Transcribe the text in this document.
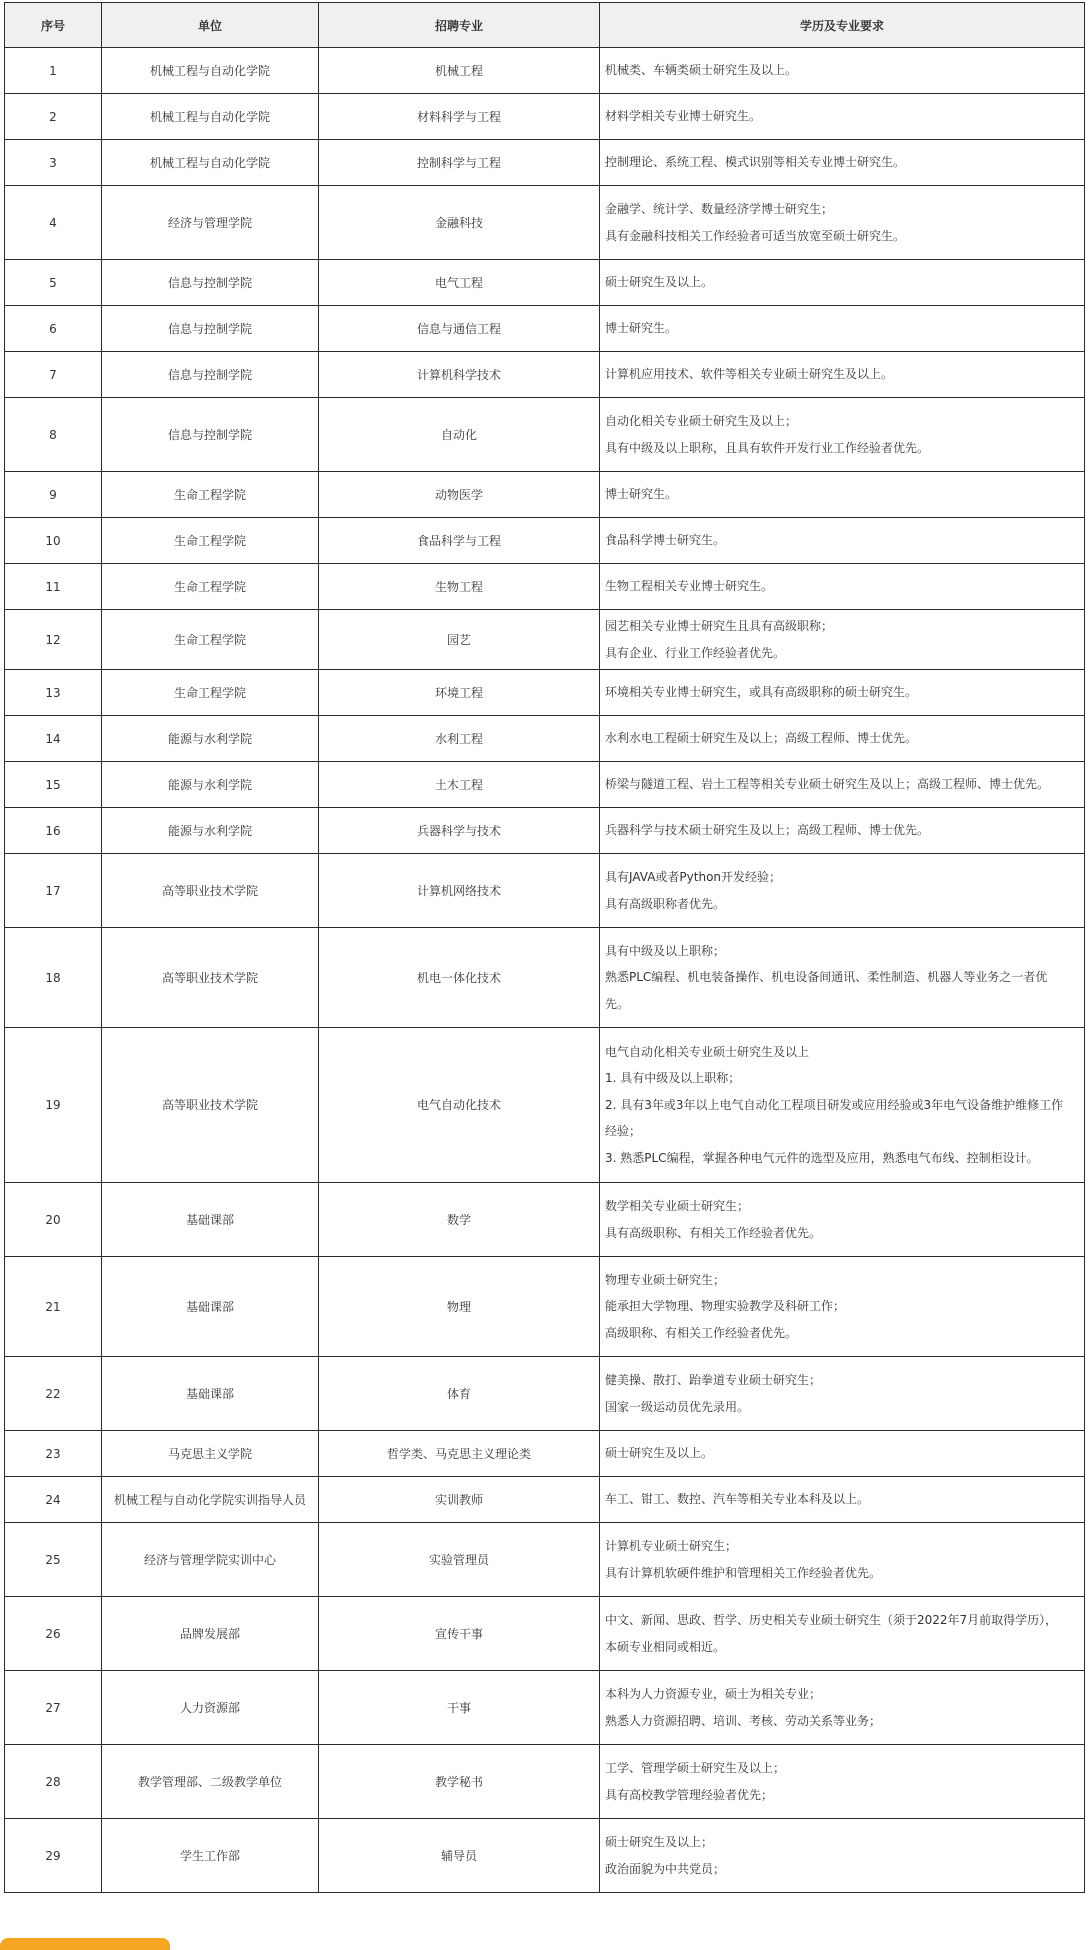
序号	单位	招聘专业	学历及专业要求
1	机械工程与自动化学院	机械工程	机械类、车辆类硕士研究生及以上。

2	机械工程与自动化学院	材料科学与工程	材料学相关专业博士研究生。

3	机械工程与自动化学院	控制科学与工程	控制理论、系统工程、模式识别等相关专业博士研究生。

4	经济与管理学院	金融科技	金融学、统计学、数量经济学博士研究生；
具有金融科技相关工作经验者可适当放宽至硕士研究生。

5	信息与控制学院	电气工程	硕士研究生及以上。

6	信息与控制学院	信息与通信工程	博士研究生。

7	信息与控制学院	计算机科学技术	计算机应用技术、软件等相关专业硕士研究生及以上。

8	信息与控制学院	自动化	自动化相关专业硕士研究生及以上；
具有中级及以上职称，且具有软件开发行业工作经验者优先。

9	生命工程学院	动物医学	博士研究生。

10	生命工程学院	食品科学与工程	食品科学博士研究生。

11	生命工程学院	生物工程	生物工程相关专业博士研究生。

12	生命工程学院	园艺	园艺相关专业博士研究生且具有高级职称；
具有企业、行业工作经验者优先。

13	生命工程学院	环境工程	环境相关专业博士研究生，或具有高级职称的硕士研究生。

14	能源与水利学院	水利工程	水利水电工程硕士研究生及以上；高级工程师、博士优先。

15	能源与水利学院	土木工程	桥梁与隧道工程、岩土工程等相关专业硕士研究生及以上；高级工程师、博士优先。

16	能源与水利学院	兵器科学与技术	兵器科学与技术硕士研究生及以上；高级工程师、博士优先。

17	高等职业技术学院	计算机网络技术	具有JAVA或者Python开发经验；
具有高级职称者优先。

18	高等职业技术学院	机电一体化技术	具有中级及以上职称；
熟悉PLC编程、机电装备操作、机电设备间通讯、柔性制造、机器人等业务之一者优
先。

19	高等职业技术学院	电气自动化技术	电气自动化相关专业硕士研究生及以上
1. 具有中级及以上职称；
2. 具有3年或3年以上电气自动化工程项目研发或应用经验或3年电气设备维护维修工作
经验；
3. 熟悉PLC编程，掌握各种电气元件的选型及应用，熟悉电气布线、控制柜设计。

20	基础课部	数学	数学相关专业硕士研究生；
具有高级职称、有相关工作经验者优先。

21	基础课部	物理	物理专业硕士研究生；
能承担大学物理、物理实验教学及科研工作；
高级职称、有相关工作经验者优先。

22	基础课部	体育	健美操、散打、跆拳道专业硕士研究生；
国家一级运动员优先录用。

23	马克思主义学院	哲学类、马克思主义理论类	硕士研究生及以上。

24	机械工程与自动化学院实训指导人员	实训教师	车工、钳工、数控、汽车等相关专业本科及以上。

25	经济与管理学院实训中心	实验管理员	计算机专业硕士研究生；
具有计算机软硬件维护和管理相关工作经验者优先。

26	品牌发展部	宣传干事	中文、新闻、思政、哲学、历史相关专业硕士研究生（须于2022年7月前取得学历），
本硕专业相同或相近。

27	人力资源部	干事	本科为人力资源专业，硕士为相关专业；
熟悉人力资源招聘、培训、考核、劳动关系等业务；

28	教学管理部、二级教学单位	教学秘书	工学、管理学硕士研究生及以上；
具有高校教学管理经验者优先；

29	学生工作部	辅导员	硕士研究生及以上；
政治面貌为中共党员；
